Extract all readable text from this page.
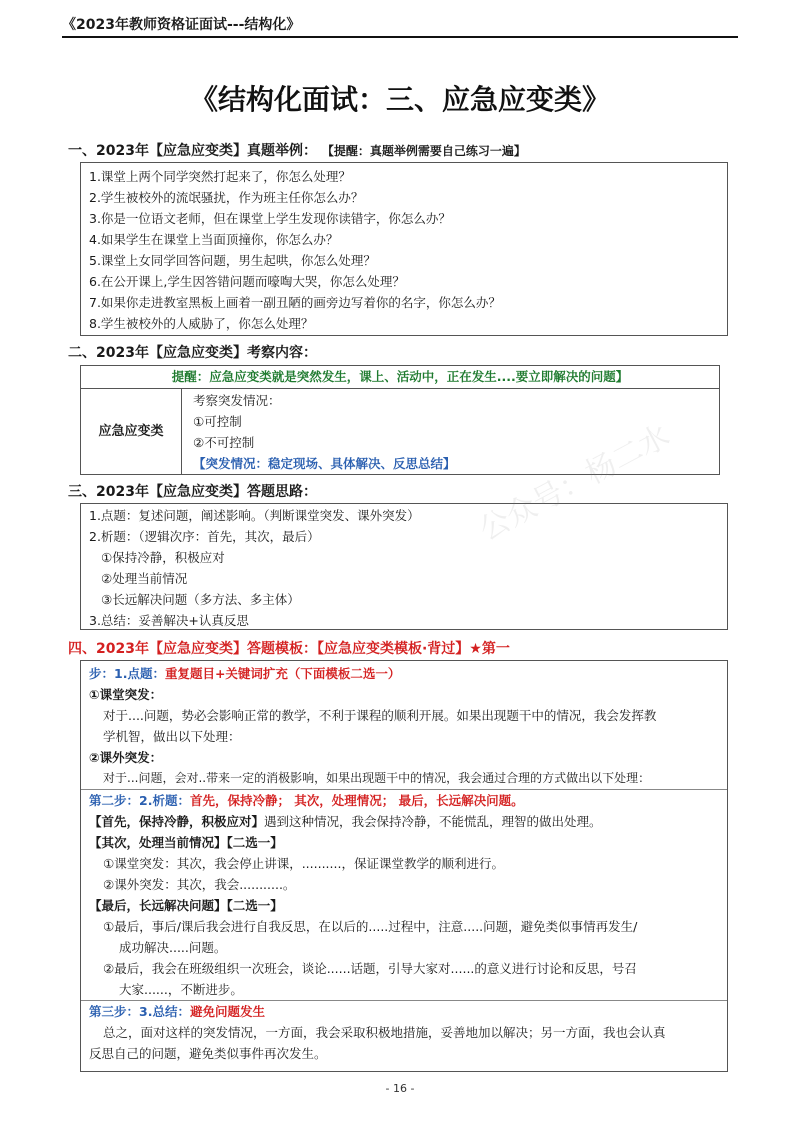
《2023年教师资格证面试---结构化》
《结构化面试：三、应急应变类》
一、2023年【应急应变类】真题举例： 【提醒：真题举例需要自己练习一遍】
1.课堂上两个同学突然打起来了，你怎么处理？
2.学生被校外的流氓骚扰，作为班主任你怎么办？
3.你是一位语文老师，但在课堂上学生发现你读错字，你怎么办？
4.如果学生在课堂上当面顶撞你，你怎么办？
5.课堂上女同学回答问题，男生起哄，你怎么处理？
6.在公开课上,学生因答错问题而嚎啕大哭，你怎么处理？
7.如果你走进教室黑板上画着一副丑陋的画旁边写着你的名字，你怎么办？
8.学生被校外的人威胁了，你怎么处理？
二、2023年【应急应变类】考察内容：
提醒：应急应变类就是突然发生，课上、活动中，正在发生....要立即解决的问题】
应急应变类
考察突发情况：
①可控制
②不可控制
【突发情况：稳定现场、具体解决、反思总结】
三、2023年【应急应变类】答题思路：
1.点题：复述问题，阐述影响。（判断课堂突发、课外突发）
2.析题：（逻辑次序：首先，其次，最后）
①保持冷静，积极应对
②处理当前情况
③长远解决问题（多方法、多主体）
3.总结：妥善解决+认真反思
四、2023年【应急应变类】答题模板：【应急应变类模板·背过】★第一
步：1.点题：重复题目+关键词扩充（下面模板二选一）
①课堂突发：
对于....问题，势必会影响正常的教学，不利于课程的顺利开展。如果出现题干中的情况，我会发挥教
学机智，做出以下处理：
②课外突发：
对于...问题，会对..带来一定的消极影响，如果出现题干中的情况，我会通过合理的方式做出以下处理：
第二步：2.析题：首先，保持冷静； 其次，处理情况； 最后，长远解决问题。
【首先，保持冷静，积极应对】遇到这种情况，我会保持冷静，不能慌乱，理智的做出处理。
【其次，处理当前情况】【二选一】
①课堂突发：其次，我会停止讲课，..........，保证课堂教学的顺利进行。
②课外突发：其次，我会...........。
【最后，长远解决问题】【二选一】
①最后，事后/课后我会进行自我反思，在以后的.....过程中，注意.....问题，避免类似事情再发生/
成功解决.....问题。
②最后，我会在班级组织一次班会，谈论......话题，引导大家对......的意义进行讨论和反思，号召
大家......，不断进步。
第三步：3.总结：避免问题发生
总之，面对这样的突发情况，一方面，我会采取积极地措施，妥善地加以解决；另一方面，我也会认真
反思自己的问题，避免类似事件再次发生。
公众号：杨二水
- 16 -
